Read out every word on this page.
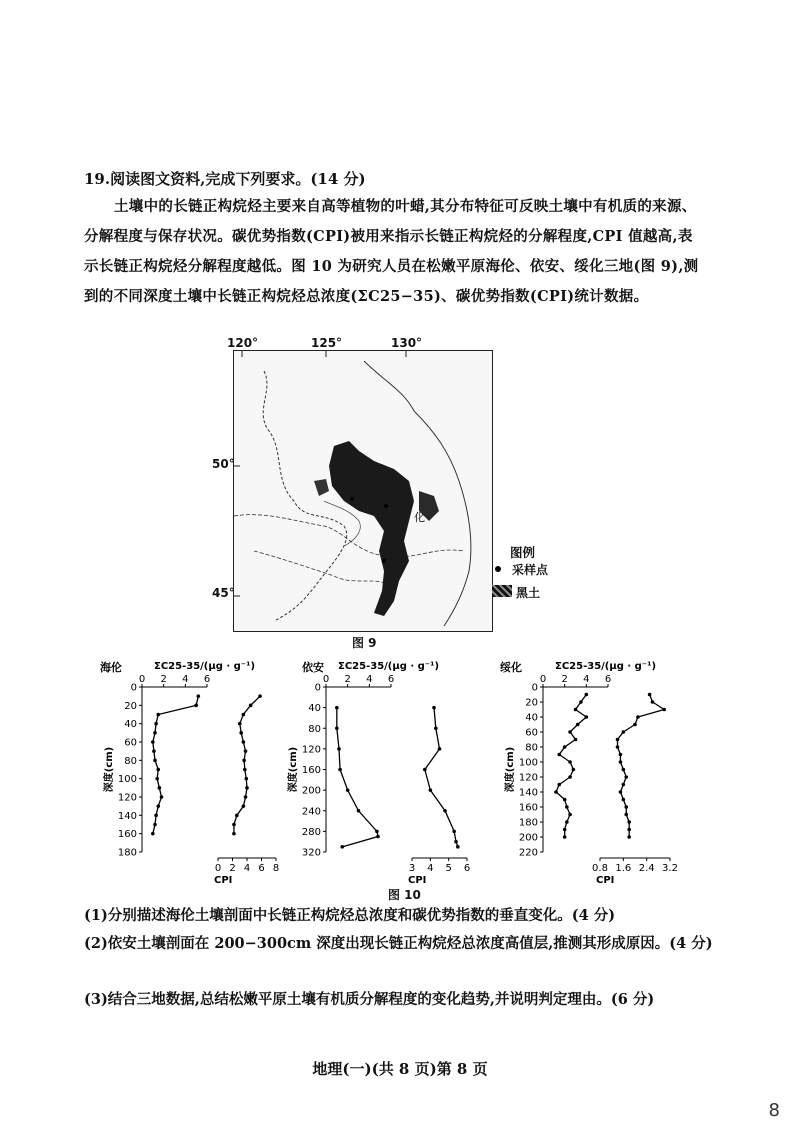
19.阅读图文资料,完成下列要求。(14 分)
土壤中的长链正构烷烃主要来自高等植物的叶蜡,其分布特征可反映土壤中有机质的来源、分解程度与保存状况。碳优势指数(CPI)被用来指示长链正构烷烃的分解程度,CPI 值越高,表示长链正构烷烃分解程度越低。图 10 为研究人员在松嫩平原海伦、依安、绥化三地(图 9),测到的不同深度土壤中长链正构烷烃总浓度(ΣC25−35)、碳优势指数(CPI)统计数据。
化
120°	125°	130°
50°
45°
图例
采样点
黑土
图 9
海伦	ΣC25-35/(μg · g⁻¹)
0
20
40
60
80
100
120
140
160
180
深度(cm)
0 2 4 6
0 2 4 6 8
CPI
依安 ΣC25-35/(μg · g⁻¹)
0
40
80
120
160
200
240
280
320
深度(cm)
0 2 4 6
3 4 5 6
CPI
绥化	ΣC25-35/(μg · g⁻¹)
0
20
40
60
80
100
120
140
160
180
200
220
深度(cm)
0 2 4 6
0.8 1.6 2.4 3.2
CPI
图 10
(1)分别描述海伦土壤剖面中长链正构烷烃总浓度和碳优势指数的垂直变化。(4 分)
(2)依安土壤剖面在 200−300cm 深度出现长链正构烷烃总浓度高值层,推测其形成原因。(4 分)
(3)结合三地数据,总结松嫩平原土壤有机质分解程度的变化趋势,并说明判定理由。(6 分)
地理(一)(共 8 页)第 8 页
8
